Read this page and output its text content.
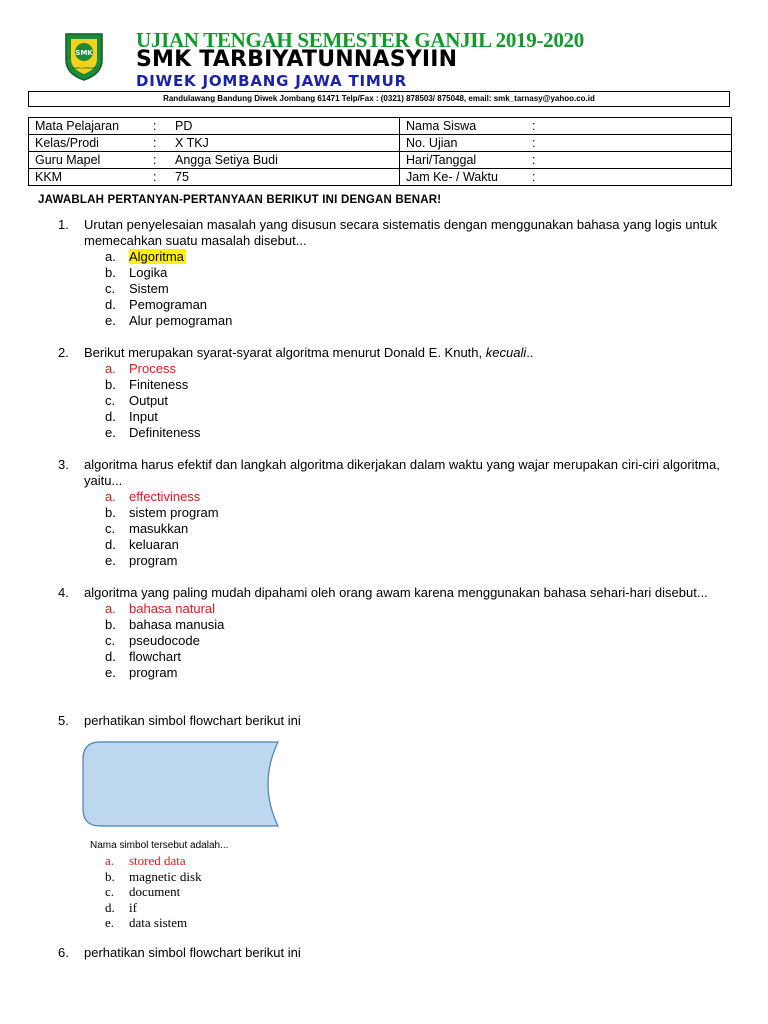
SMK
DIWEK JOMBANG
UJIAN TENGAH SEMESTER GANJIL 2019-2020
SMK TARBIYATUNNASYIIN
DIWEK JOMBANG JAWA TIMUR
Randulawang Bandung Diwek Jombang 61471 Telp/Fax : (0321) 878503/ 875048, email: smk_tarnasy@yahoo.co.id
Mata Pelajaran : PD	Nama Siswa :
Kelas/Prodi : X TKJ	No. Ujian :
Guru Mapel : Angga Setiya Budi	Hari/Tanggal :
KKM : 75	Jam Ke- / Waktu :
JAWABLAH PERTANYAN-PERTANYAAN BERIKUT INI DENGAN BENAR!
1. Urutan penyelesaian masalah yang disusun secara sistematis dengan menggunakan bahasa yang logis untuk memecahkan suatu masalah disebut...
a. Algoritma
b. Logika
c. Sistem
d. Pemograman
e. Alur pemograman
2. Berikut merupakan syarat-syarat algoritma menurut Donald E. Knuth, kecuali..
a. Process
b. Finiteness
c. Output
d. Input
e. Definiteness
3. algoritma harus efektif dan langkah algoritma dikerjakan dalam waktu yang wajar merupakan ciri-ciri algoritma, yaitu...
a. effectiviness
b. sistem program
c. masukkan
d. keluaran
e. program
4. algoritma yang paling mudah dipahami oleh orang awam karena menggunakan bahasa sehari-hari disebut...
a. bahasa natural
b. bahasa manusia
c. pseudocode
d. flowchart
e. program
5. perhatikan simbol flowchart berikut ini
Nama simbol tersebut adalah...
a. stored data
b. magnetic disk
c. document
d. if
e. data sistem
6. perhatikan simbol flowchart berikut ini
